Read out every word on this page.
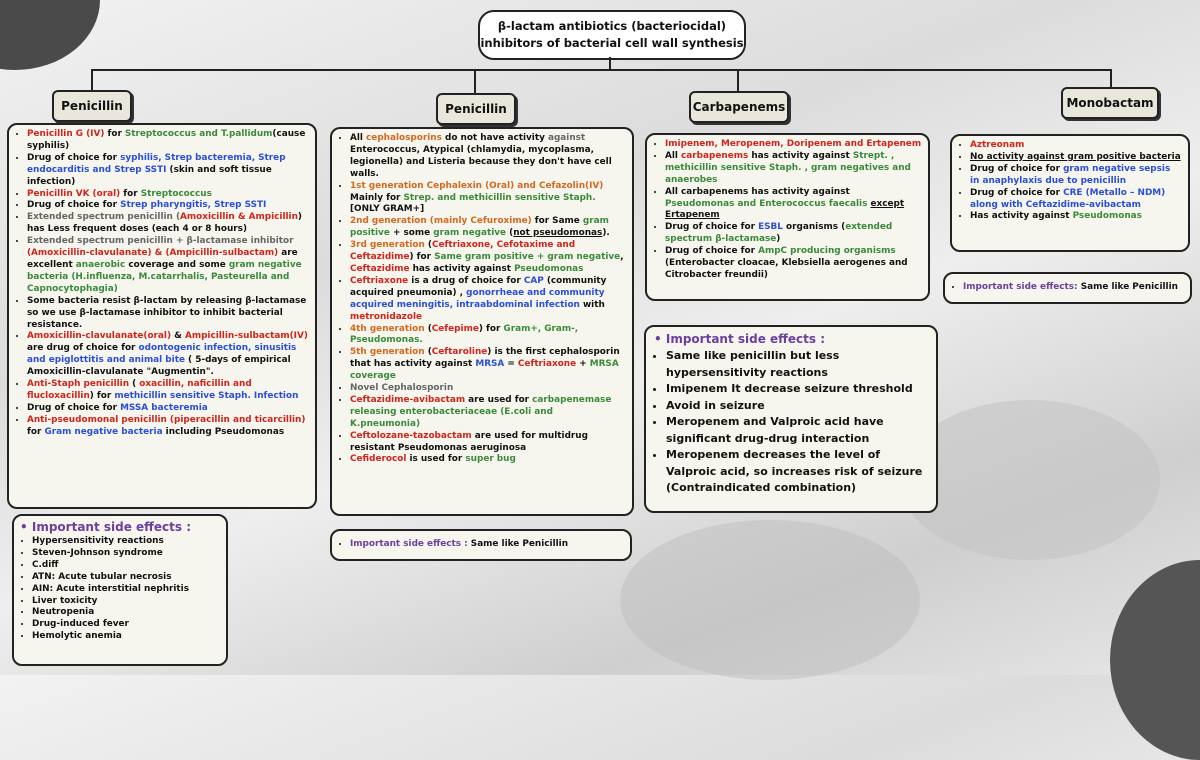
β-lactam antibiotics (bacteriocidal)
inhibitors of bacterial cell wall synthesis
Penicillin	Penicillin	Carbapenems	Monobactam
• Penicillin G (IV) for Streptococcus and T.pallidum(cause syphilis)
• Drug of choice for syphilis, Strep bacteremia, Strep endocarditis and Strep SSTI (skin and soft tissue infection)
• Penicillin VK (oral) for Streptococcus
• Drug of choice for Strep pharyngitis, Strep SSTI
• Extended spectrum penicillin (Amoxicillin & Ampicillin) has Less frequent doses (each 4 or 8 hours)
• Extended spectrum penicillin + β-lactamase inhibitor (Amoxicillin-clavulanate) & (Ampicillin-sulbactam) are excellent anaerobic coverage and some gram negative bacteria (H.influenza, M.catarrhalis, Pasteurella and Capnocytophagia)
• Some bacteria resist β-lactam by releasing β-lactamase so we use β-lactamase inhibitor to inhibit bacterial resistance.
• Amoxicillin-clavulanate(oral) & Ampicillin-sulbactam(IV) are drug of choice for odontogenic infection, sinusitis and epiglottitis and animal bite ( 5-days of empirical Amoxicillin-clavulanate "Augmentin".
• Anti-Staph penicillin ( oxacillin, naficillin and flucloxacillin) for methicillin sensitive Staph. Infection
• Drug of choice for MSSA bacteremia
• Anti-pseudomonal penicillin (piperacillin and ticarcillin) for Gram negative bacteria including Pseudomonas
• Important side effects :
• Hypersensitivity reactions
• Steven-Johnson syndrome
• C.diff
• ATN: Acute tubular necrosis
• AIN: Acute interstitial nephritis
• Liver toxicity
• Neutropenia
• Drug-induced fever
• Hemolytic anemia
• All cephalosporins do not have activity against Enterococcus, Atypical (chlamydia, mycoplasma, legionella) and Listeria because they don't have cell walls.
• 1st generation Cephalexin (Oral) and Cefazolin(IV) Mainly for Strep. and methicillin sensitive Staph. [ONLY GRAM+]
• 2nd generation (mainly Cefuroxime) for Same gram positive + some gram negative (not pseudomonas).
• 3rd generation (Ceftriaxone, Cefotaxime and Ceftazidime) for Same gram positive + gram negative, Ceftazidime has activity against Pseudomonas
• Ceftriaxone is a drug of choice for CAP (community acquired pneumonia) , gonorrheae and community acquired meningitis, intraabdominal infection with metronidazole
• 4th generation (Cefepime) for Gram+, Gram-, Pseudomonas.
• 5th generation (Ceftaroline) is the first cephalosporin that has activity against MRSA = Ceftriaxone + MRSA coverage
• Novel Cephalosporin
• Ceftazidime-avibactam are used for carbapenemase releasing enterobacteriaceae (E.coli and K.pneumonia)
• Ceftolozane-tazobactam are used for multidrug resistant Pseudomonas aeruginosa
• Cefiderocol is used for super bug
• Important side effects : Same like Penicillin
• Imipenem, Meropenem, Doripenem and Ertapenem
• All carbapenems has activity against Strept. , methicillin sensitive Staph. , gram negatives and anaerobes
• All carbapenems has activity against Pseudomonas and Enterococcus faecalis except Ertapenem
• Drug of choice for ESBL organisms (extended spectrum β-lactamase)
• Drug of choice for AmpC producing organisms (Enterobacter cloacae, Klebsiella aerogenes and Citrobacter freundii)
• Important side effects :
• Same like penicillin but less hypersensitivity reactions
• Imipenem It decrease seizure threshold
• Avoid in seizure
• Meropenem and Valproic acid have significant drug-drug interaction
• Meropenem decreases the level of Valproic acid, so increases risk of seizure (Contraindicated combination)
• Aztreonam
• No activity against gram positive bacteria
• Drug of choice for gram negative sepsis in anaphylaxis due to penicillin
• Drug of choice for CRE (Metallo – NDM) along with Ceftazidime-avibactam
• Has activity against Pseudomonas
• Important side effects: Same like Penicillin
